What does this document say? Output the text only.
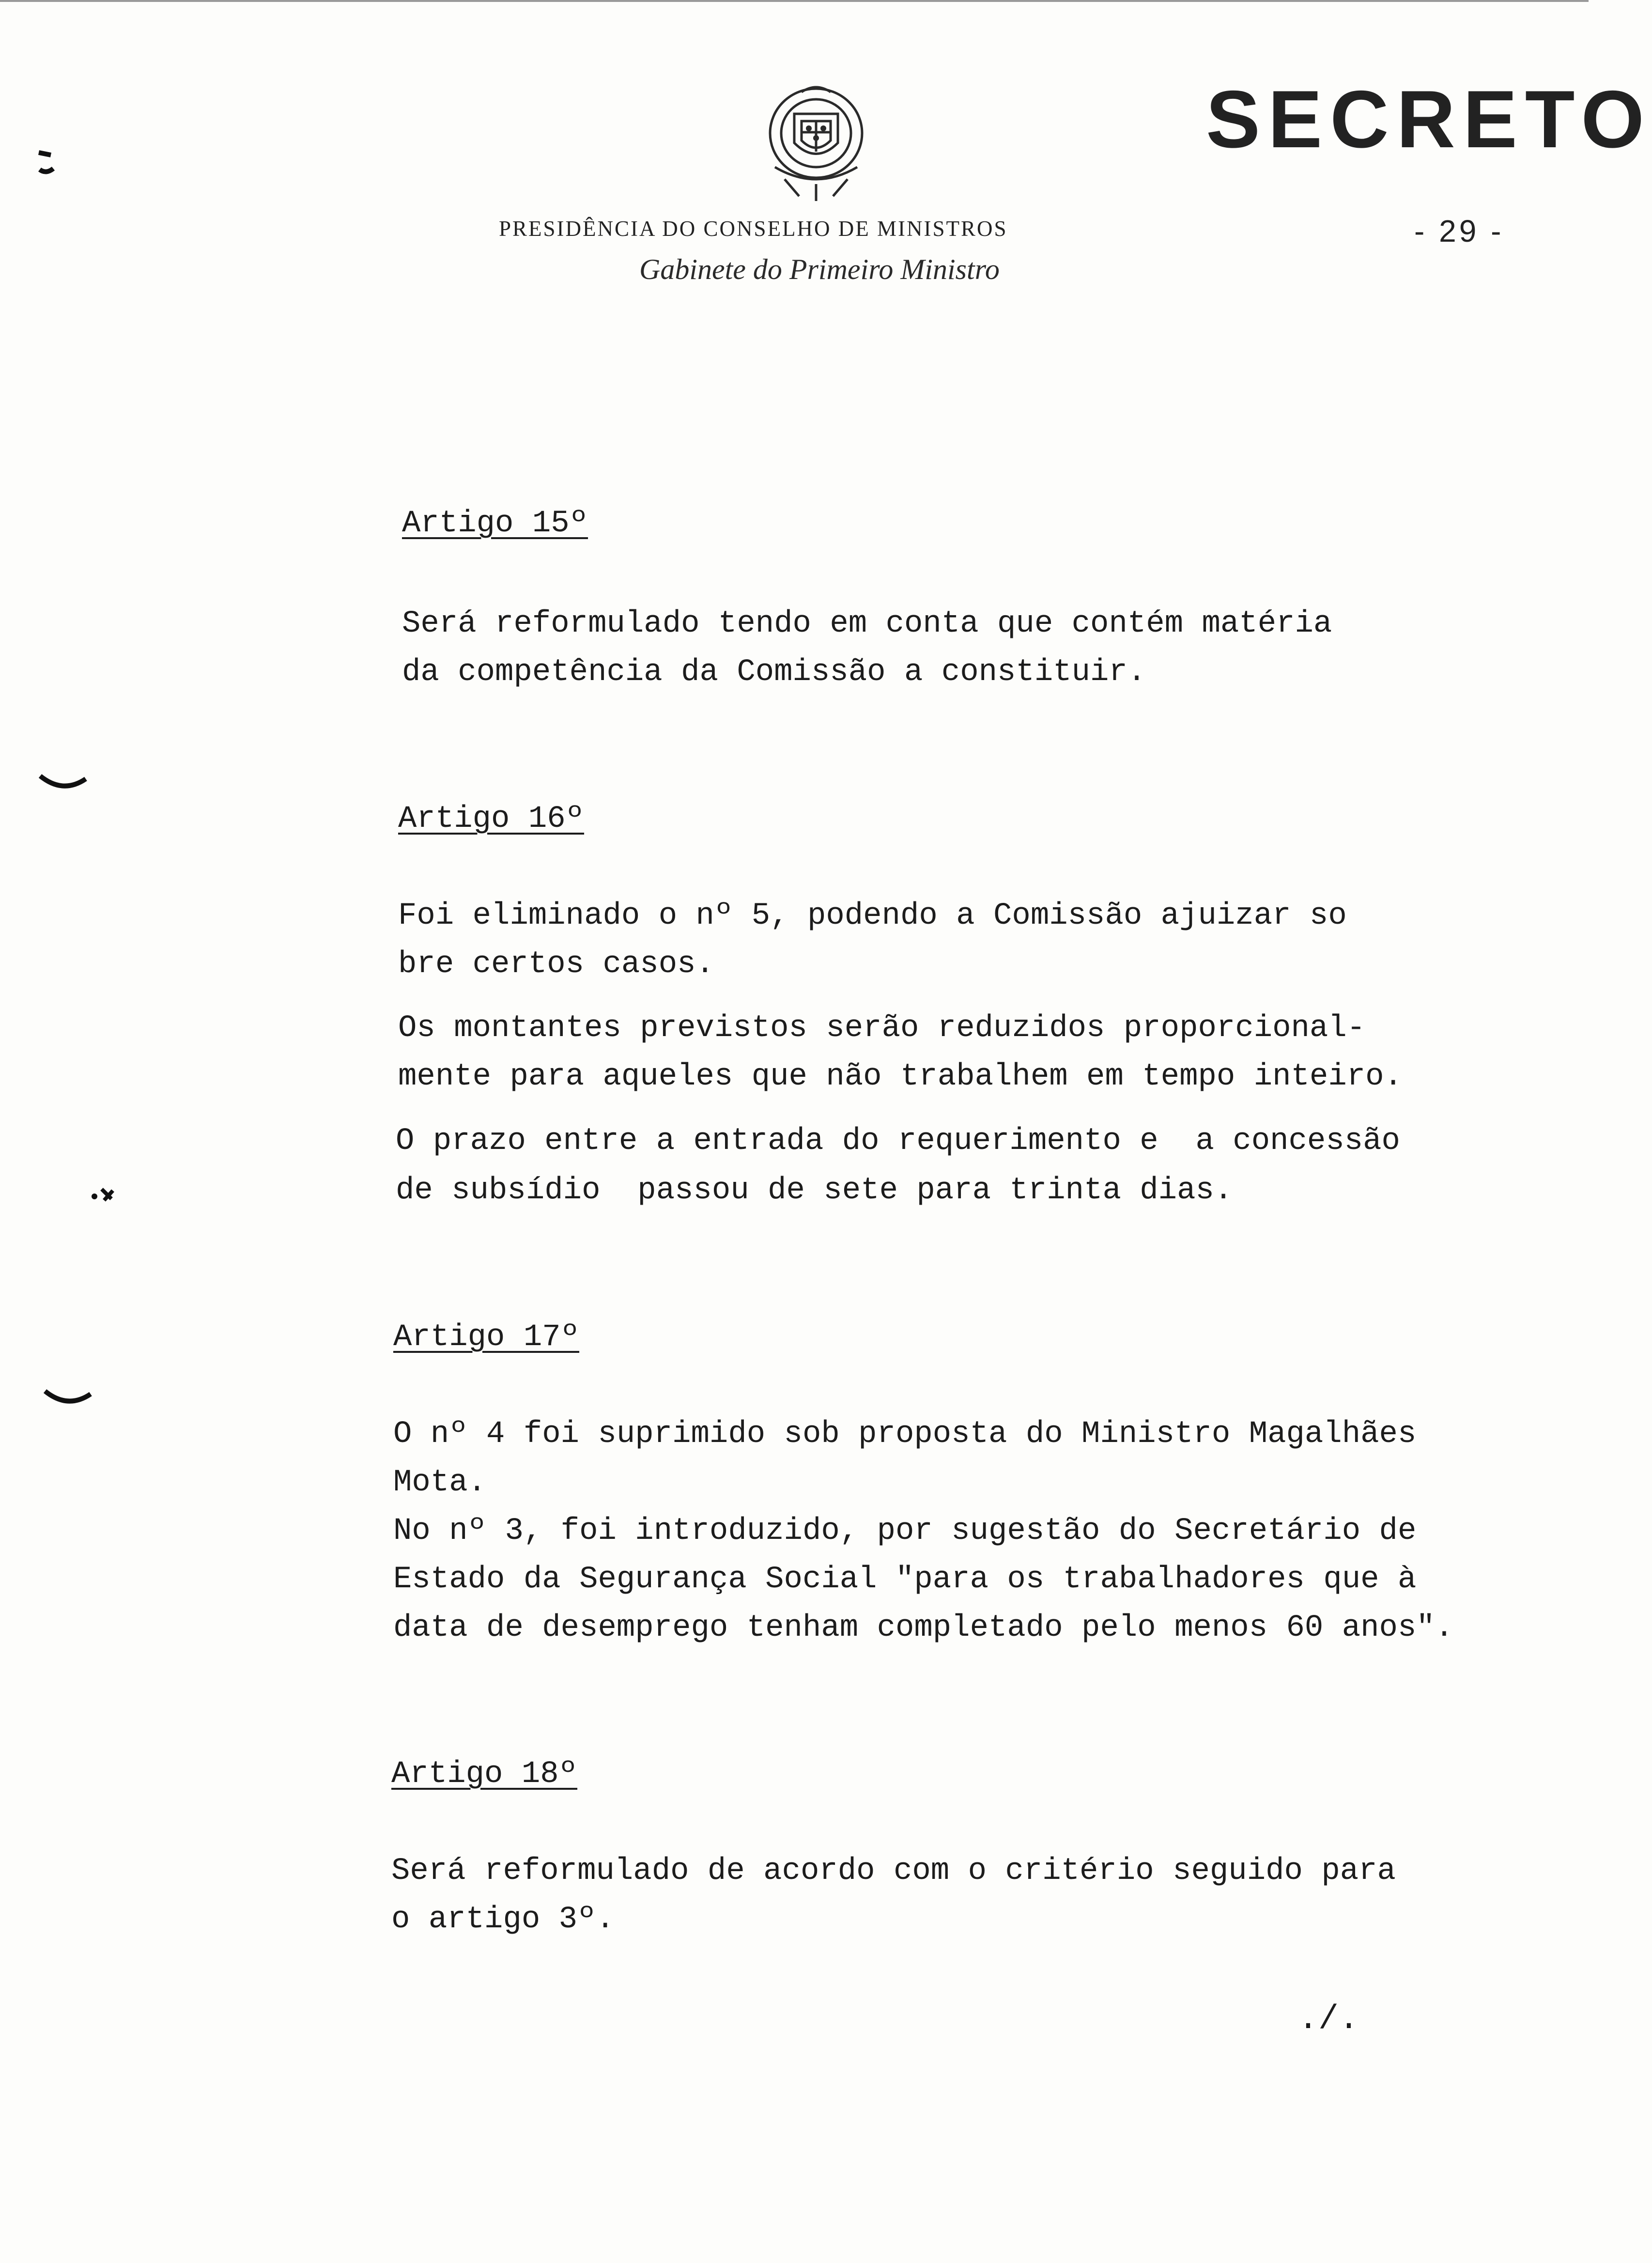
SECRETO
PRESIDÊNCIA DO CONSELHO DE MINISTROS	- 29 -
Gabinete do Primeiro Ministro
Artigo 15º
Será reformulado tendo em conta que contém matéria
da competência da Comissão a constituir.
Artigo 16º
Foi eliminado o nº 5, podendo a Comissão ajuizar so
bre certos casos.
Os montantes previstos serão reduzidos proporcional-
mente para aqueles que não trabalhem em tempo inteiro.
O prazo entre a entrada do requerimento e  a concessão
de subsídio  passou de sete para trinta dias.
Artigo 17º
O nº 4 foi suprimido sob proposta do Ministro Magalhães
Mota.
No nº 3, foi introduzido, por sugestão do Secretário de
Estado da Segurança Social "para os trabalhadores que à
data de desemprego tenham completado pelo menos 60 anos".
Artigo 18º
Será reformulado de acordo com o critério seguido para
o artigo 3º.
./.
